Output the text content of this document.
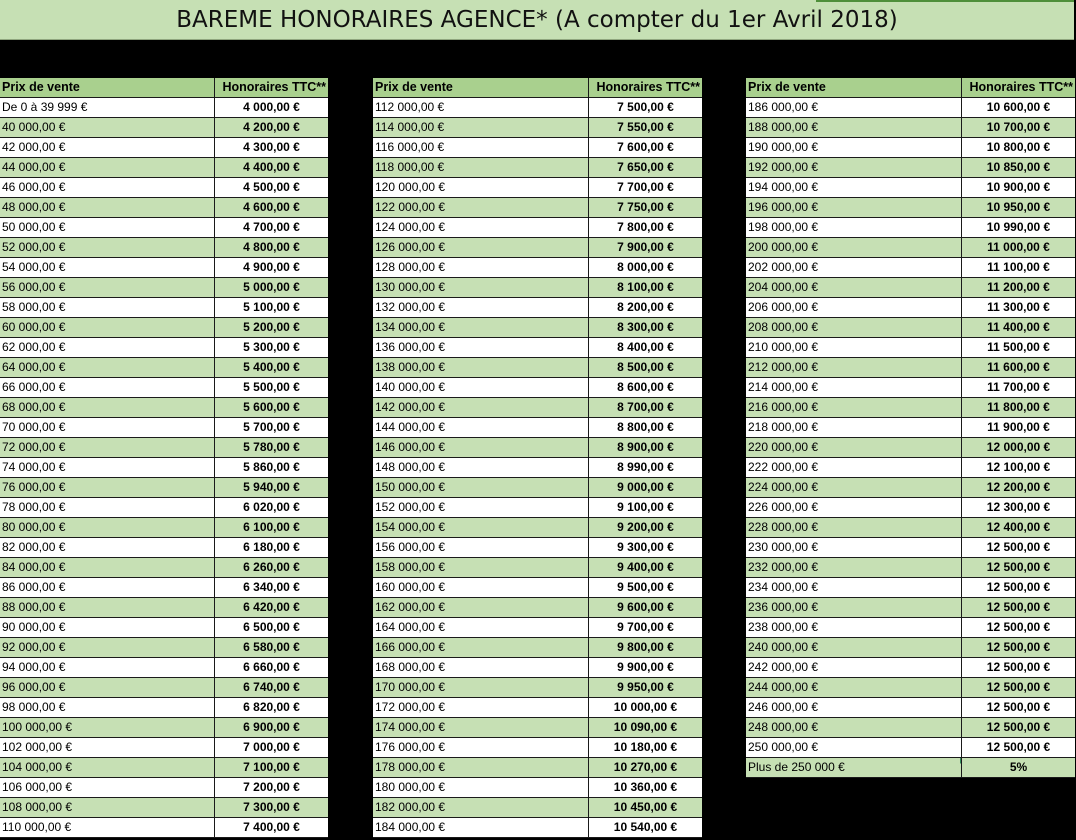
BAREME HONORAIRES AGENCE* (A compter du 1er Avril 2018)
Prix de vente	Honoraires TTC**
De 0 à 39 999 €	4 000,00 €
40 000,00 €	4 200,00 €
42 000,00 €	4 300,00 €
44 000,00 €	4 400,00 €
46 000,00 €	4 500,00 €
48 000,00 €	4 600,00 €
50 000,00 €	4 700,00 €
52 000,00 €	4 800,00 €
54 000,00 €	4 900,00 €
56 000,00 €	5 000,00 €
58 000,00 €	5 100,00 €
60 000,00 €	5 200,00 €
62 000,00 €	5 300,00 €
64 000,00 €	5 400,00 €
66 000,00 €	5 500,00 €
68 000,00 €	5 600,00 €
70 000,00 €	5 700,00 €
72 000,00 €	5 780,00 €
74 000,00 €	5 860,00 €
76 000,00 €	5 940,00 €
78 000,00 €	6 020,00 €
80 000,00 €	6 100,00 €
82 000,00 €	6 180,00 €
84 000,00 €	6 260,00 €
86 000,00 €	6 340,00 €
88 000,00 €	6 420,00 €
90 000,00 €	6 500,00 €
92 000,00 €	6 580,00 €
94 000,00 €	6 660,00 €
96 000,00 €	6 740,00 €
98 000,00 €	6 820,00 €
100 000,00 €	6 900,00 €
102 000,00 €	7 000,00 €
104 000,00 €	7 100,00 €
106 000,00 €	7 200,00 €
108 000,00 €	7 300,00 €
110 000,00 €	7 400,00 €
Prix de vente	Honoraires TTC**
112 000,00 €	7 500,00 €
114 000,00 €	7 550,00 €
116 000,00 €	7 600,00 €
118 000,00 €	7 650,00 €
120 000,00 €	7 700,00 €
122 000,00 €	7 750,00 €
124 000,00 €	7 800,00 €
126 000,00 €	7 900,00 €
128 000,00 €	8 000,00 €
130 000,00 €	8 100,00 €
132 000,00 €	8 200,00 €
134 000,00 €	8 300,00 €
136 000,00 €	8 400,00 €
138 000,00 €	8 500,00 €
140 000,00 €	8 600,00 €
142 000,00 €	8 700,00 €
144 000,00 €	8 800,00 €
146 000,00 €	8 900,00 €
148 000,00 €	8 990,00 €
150 000,00 €	9 000,00 €
152 000,00 €	9 100,00 €
154 000,00 €	9 200,00 €
156 000,00 €	9 300,00 €
158 000,00 €	9 400,00 €
160 000,00 €	9 500,00 €
162 000,00 €	9 600,00 €
164 000,00 €	9 700,00 €
166 000,00 €	9 800,00 €
168 000,00 €	9 900,00 €
170 000,00 €	9 950,00 €
172 000,00 €	10 000,00 €
174 000,00 €	10 090,00 €
176 000,00 €	10 180,00 €
178 000,00 €	10 270,00 €
180 000,00 €	10 360,00 €
182 000,00 €	10 450,00 €
184 000,00 €	10 540,00 €
Prix de vente	Honoraires TTC**
186 000,00 €	10 600,00 €
188 000,00 €	10 700,00 €
190 000,00 €	10 800,00 €
192 000,00 €	10 850,00 €
194 000,00 €	10 900,00 €
196 000,00 €	10 950,00 €
198 000,00 €	10 990,00 €
200 000,00 €	11 000,00 €
202 000,00 €	11 100,00 €
204 000,00 €	11 200,00 €
206 000,00 €	11 300,00 €
208 000,00 €	11 400,00 €
210 000,00 €	11 500,00 €
212 000,00 €	11 600,00 €
214 000,00 €	11 700,00 €
216 000,00 €	11 800,00 €
218 000,00 €	11 900,00 €
220 000,00 €	12 000,00 €
222 000,00 €	12 100,00 €
224 000,00 €	12 200,00 €
226 000,00 €	12 300,00 €
228 000,00 €	12 400,00 €
230 000,00 €	12 500,00 €
232 000,00 €	12 500,00 €
234 000,00 €	12 500,00 €
236 000,00 €	12 500,00 €
238 000,00 €	12 500,00 €
240 000,00 €	12 500,00 €
242 000,00 €	12 500,00 €
244 000,00 €	12 500,00 €
246 000,00 €	12 500,00 €
248 000,00 €	12 500,00 €
250 000,00 €	12 500,00 €
Plus de 250 000 €	5%
